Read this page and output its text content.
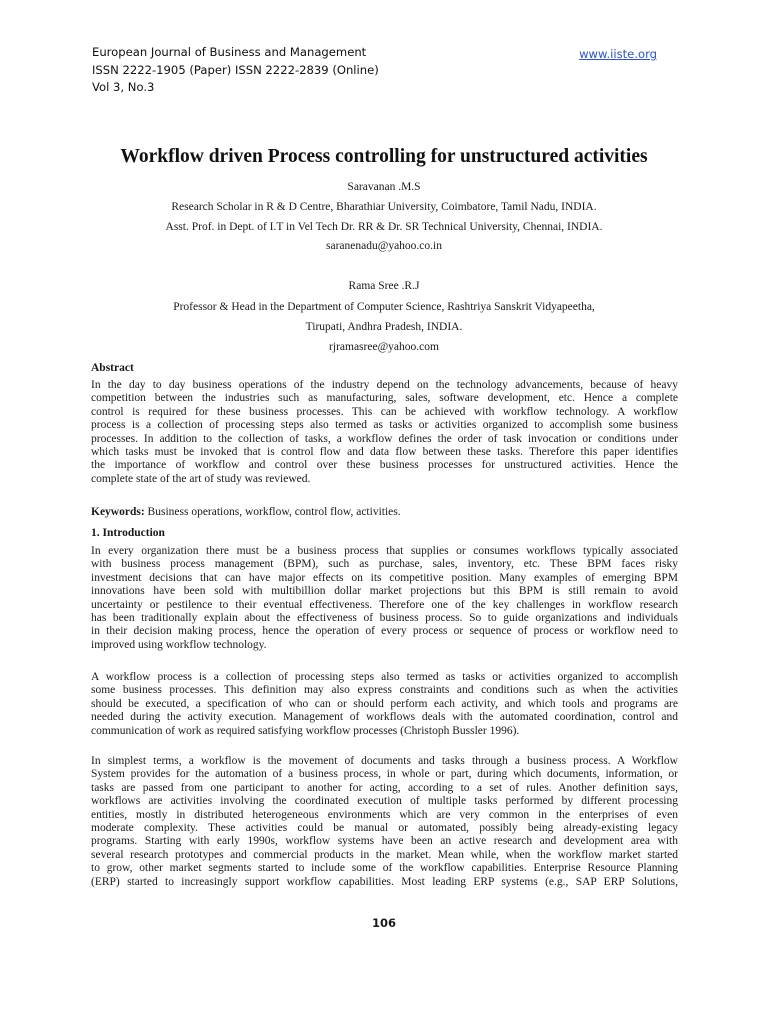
European Journal of Business and Management
ISSN 2222-1905 (Paper) ISSN 2222-2839 (Online)
Vol 3, No.3
www.iiste.org
Workflow driven Process controlling for unstructured activities
Saravanan .M.S
Research Scholar in R & D Centre, Bharathiar University, Coimbatore, Tamil Nadu, INDIA.
Asst. Prof. in Dept. of I.T in Vel Tech Dr. RR & Dr. SR Technical University, Chennai, INDIA.
saranenadu@yahoo.co.in
Rama Sree .R.J
Professor & Head in the Department of Computer Science, Rashtriya Sanskrit Vidyapeetha,
Tirupati, Andhra Pradesh, INDIA.
rjramasree@yahoo.com
Abstract
In the day to day business operations of the industry depend on the technology advancements, because of heavy
competition between the industries such as manufacturing, sales, software development, etc. Hence a complete
control is required for these business processes. This can be achieved with workflow technology. A workflow
process is a collection of processing steps also termed as tasks or activities organized to accomplish some business
processes. In addition to the collection of tasks, a workflow defines the order of task invocation or conditions under
which tasks must be invoked that is control flow and data flow between these tasks. Therefore this paper identifies
the importance of workflow and control over these business processes for unstructured activities. Hence the
complete state of the art of study was reviewed.
Keywords: Business operations, workflow, control flow, activities.
1. Introduction
In every organization there must be a business process that supplies or consumes workflows typically associated
with business process management (BPM), such as purchase, sales, inventory, etc. These BPM faces risky
investment decisions that can have major effects on its competitive position. Many examples of emerging BPM
innovations have been sold with multibillion dollar market projections but this BPM is still remain to avoid
uncertainty or pestilence to their eventual effectiveness. Therefore one of the key challenges in workflow research
has been traditionally explain about the effectiveness of business process. So to guide organizations and individuals
in their decision making process, hence the operation of every process or sequence of process or workflow need to
improved using workflow technology.
A workflow process is a collection of processing steps also termed as tasks or activities organized to accomplish
some business processes. This definition may also express constraints and conditions such as when the activities
should be executed, a specification of who can or should perform each activity, and which tools and programs are
needed during the activity execution. Management of workflows deals with the automated coordination, control and
communication of work as required satisfying workflow processes (Christoph Bussler 1996).
In simplest terms, a workflow is the movement of documents and tasks through a business process. A Workflow
System provides for the automation of a business process, in whole or part, during which documents, information, or
tasks are passed from one participant to another for acting, according to a set of rules. Another definition says,
workflows are activities involving the coordinated execution of multiple tasks performed by different processing
entities, mostly in distributed heterogeneous environments which are very common in the enterprises of even
moderate complexity. These activities could be manual or automated, possibly being already-existing legacy
programs. Starting with early 1990s, workflow systems have been an active research and development area with
several research prototypes and commercial products in the market. Mean while, when the workflow market started
to grow, other market segments started to include some of the workflow capabilities. Enterprise Resource Planning
(ERP) started to increasingly support workflow capabilities. Most leading ERP systems (e.g., SAP ERP Solutions,
106
